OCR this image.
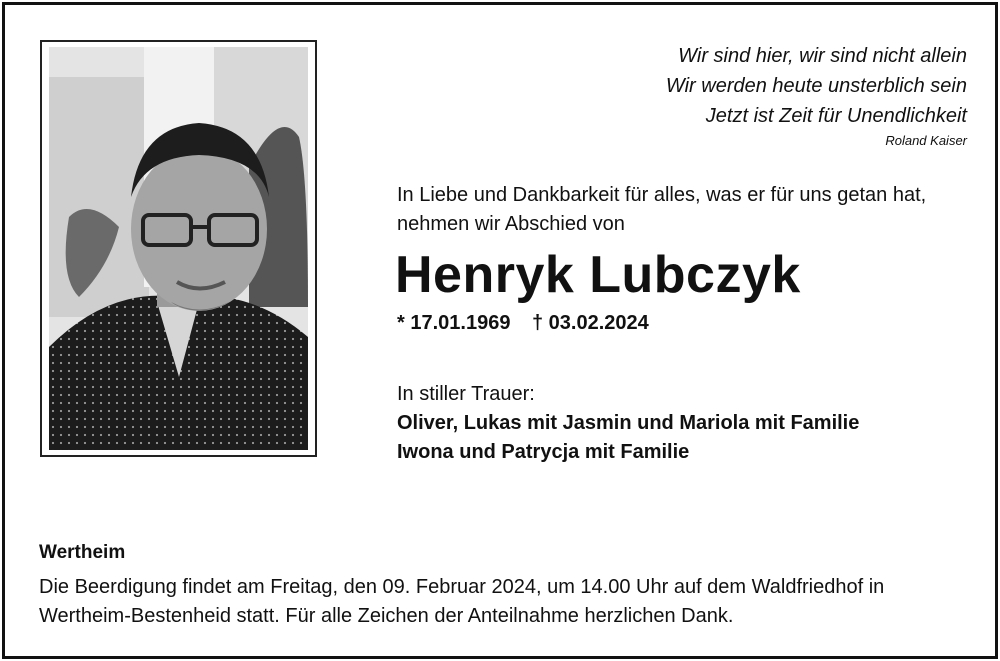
Wir sind hier, wir sind nicht allein
Wir werden heute unsterblich sein
Jetzt ist Zeit für Unendlichkeit
Roland Kaiser
In Liebe und Dankbarkeit für alles, was er für uns getan hat,
nehmen wir Abschied von
Henryk Lubczyk
* 17.01.1969 † 03.02.2024
In stiller Trauer:
Oliver, Lukas mit Jasmin und Mariola mit Familie
Iwona und Patrycja mit Familie
Wertheim
Die Beerdigung findet am Freitag, den 09. Februar 2024, um 14.00 Uhr auf dem Waldfriedhof in
Wertheim-Bestenheid statt. Für alle Zeichen der Anteilnahme herzlichen Dank.
